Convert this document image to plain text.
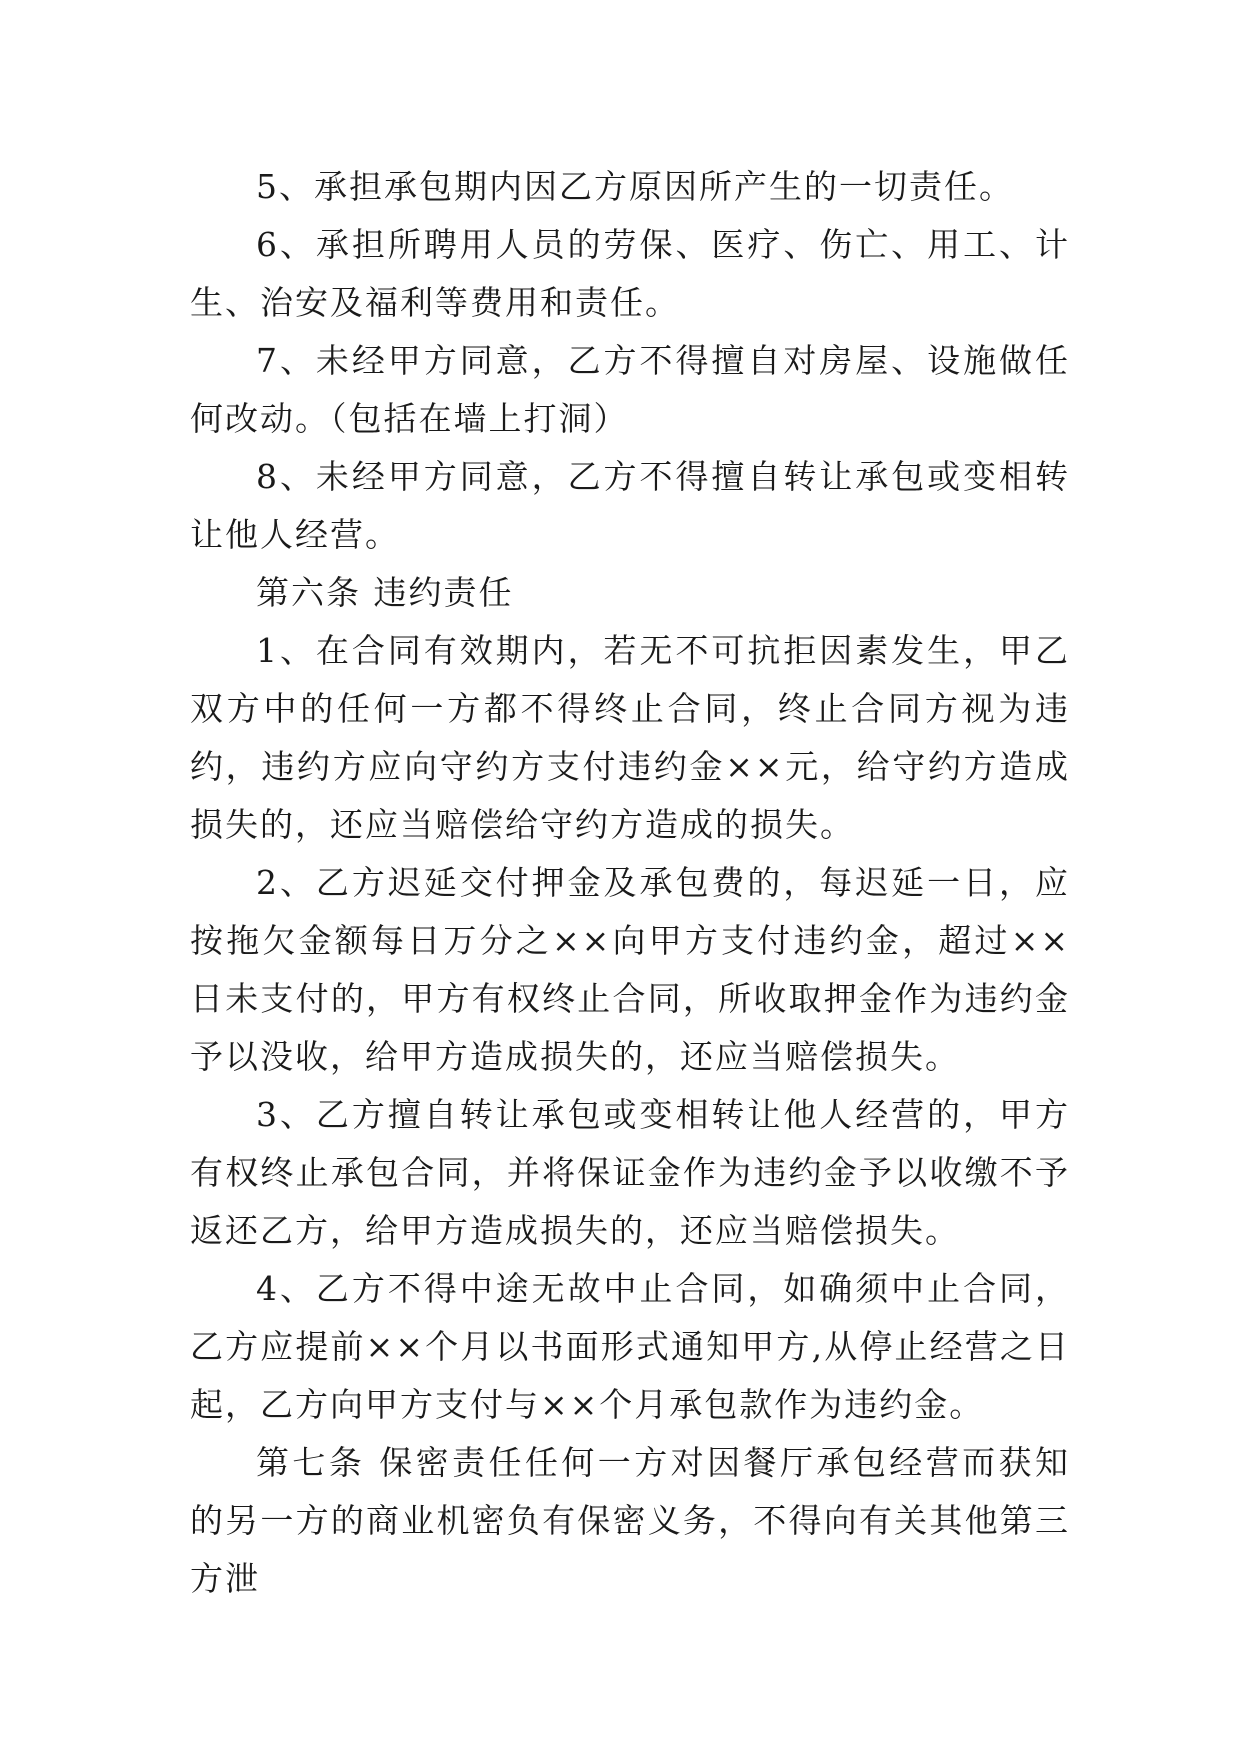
5、承担承包期内因乙方原因所产生的一切责任。

6、承担所聘用人员的劳保、医疗、伤亡、用工、计生、治安及福利等费用和责任。

7、未经甲方同意，乙方不得擅自对房屋、设施做任何改动。（包括在墙上打洞）

8、未经甲方同意，乙方不得擅自转让承包或变相转让他人经营。

第六条 违约责任

1、在合同有效期内，若无不可抗拒因素发生，甲乙双方中的任何一方都不得终止合同，终止合同方视为违约，违约方应向守约方支付违约金××元，给守约方造成损失的，还应当赔偿给守约方造成的损失。

2、乙方迟延交付押金及承包费的，每迟延一日，应按拖欠金额每日万分之××向甲方支付违约金，超过××日未支付的，甲方有权终止合同，所收取押金作为违约金予以没收，给甲方造成损失的，还应当赔偿损失。

3、乙方擅自转让承包或变相转让他人经营的，甲方有权终止承包合同，并将保证金作为违约金予以收缴不予返还乙方，给甲方造成损失的，还应当赔偿损失。

4、乙方不得中途无故中止合同，如确须中止合同，乙方应提前××个月以书面形式通知甲方,从停止经营之日起，乙方向甲方支付与××个月承包款作为违约金。

第七条 保密责任任何一方对因餐厅承包经营而获知的另一方的商业机密负有保密义务，不得向有关其他第三方泄
